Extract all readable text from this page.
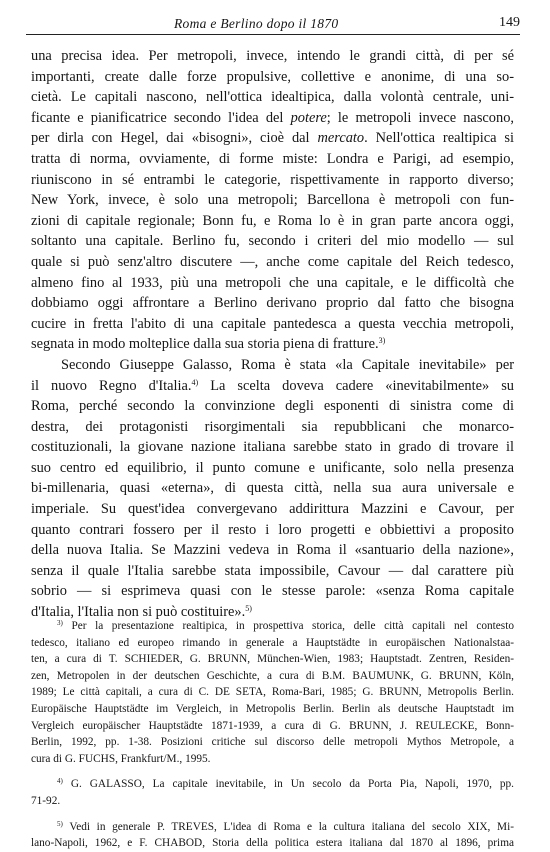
Roma e Berlino dopo il 1870	149
una precisa idea. Per metropoli, invece, intendo le grandi città, di per sé
importanti, create dalle forze propulsive, collettive e anonime, di una so-
cietà. Le capitali nascono, nell'ottica idealtipica, dalla volontà centrale, uni-
ficante e pianificatrice secondo l'idea del potere; le metropoli invece nascono,
per dirla con Hegel, dai «bisogni», cioè dal mercato. Nell'ottica realtipica si
tratta di norma, ovviamente, di forme miste: Londra e Parigi, ad esempio,
riuniscono in sé entrambi le categorie, rispettivamente in rapporto diverso;
New York, invece, è solo una metropoli; Barcellona è metropoli con fun-
zioni di capitale regionale; Bonn fu, e Roma lo è in gran parte ancora oggi,
soltanto una capitale. Berlino fu, secondo i criteri del mio modello — sul
quale si può senz'altro discutere —, anche come capitale del Reich tedesco,
almeno fino al 1933, più una metropoli che una capitale, e le difficoltà che
dobbiamo oggi affrontare a Berlino derivano proprio dal fatto che bisogna
cucire in fretta l'abito di una capitale pantedesca a questa vecchia metropoli,
segnata in modo molteplice dalla sua storia piena di fratture.$^{3)}$
Secondo Giuseppe Galasso, Roma è stata «la Capitale inevitabile» per
il nuovo Regno d'Italia.$^{4)}$ La scelta doveva cadere «inevitabilmente» su
Roma, perché secondo la convinzione degli esponenti di sinistra come di
destra, dei protagonisti risorgimentali sia repubblicani che monarco-
costituzionali, la giovane nazione italiana sarebbe stato in grado di trovare il
suo centro ed equilibrio, il punto comune e unificante, solo nella presenza
bi-millenaria, quasi «eterna», di questa città, nella sua aura universale e
imperiale. Su quest'idea convergevano addirittura Mazzini e Cavour, per
quanto contrari fossero per il resto i loro progetti e obbiettivi a proposito
della nuova Italia. Se Mazzini vedeva in Roma il «santuario della nazione»,
senza il quale l'Italia sarebbe stata impossibile, Cavour — dal carattere più
sobrio — si esprimeva quasi con le stesse parole: «senza Roma capitale
d'Italia, l'Italia non si può costituire».$^{5)}$
$^{3)}$ Per la presentazione realtipica, in prospettiva storica, delle città capitali nel contesto
tedesco, italiano ed europeo rimando in generale a Hauptstädte in europäischen Nationalstaa-
ten, a cura di T. SCHIEDER, G. BRUNN, München-Wien, 1983; Hauptstadt. Zentren, Residen-
zen, Metropolen in der deutschen Geschichte, a cura di B.M. BAUMUNK, G. BRUNN, Köln,
1989; Le città capitali, a cura di C. DE SETA, Roma-Bari, 1985; G. BRUNN, Metropolis Berlin.
Europäische Hauptstädte im Vergleich, in Metropolis Berlin. Berlin als deutsche Hauptstadt im
Vergleich europäischer Hauptstädte 1871-1939, a cura di G. BRUNN, J. REULECKE, Bonn-
Berlin, 1992, pp. 1-38. Posizioni critiche sul discorso delle metropoli Mythos Metropole, a
cura di G. FUCHS, Frankfurt/M., 1995.
$^{4)}$ G. GALASSO, La capitale inevitabile, in Un secolo da Porta Pia, Napoli, 1970, pp.
71-92.
$^{5)}$ Vedi in generale P. TREVES, L'idea di Roma e la cultura italiana del secolo XIX, Mi-
lano-Napoli, 1962, e F. CHABOD, Storia della politica estera italiana dal 1870 al 1896, prima
